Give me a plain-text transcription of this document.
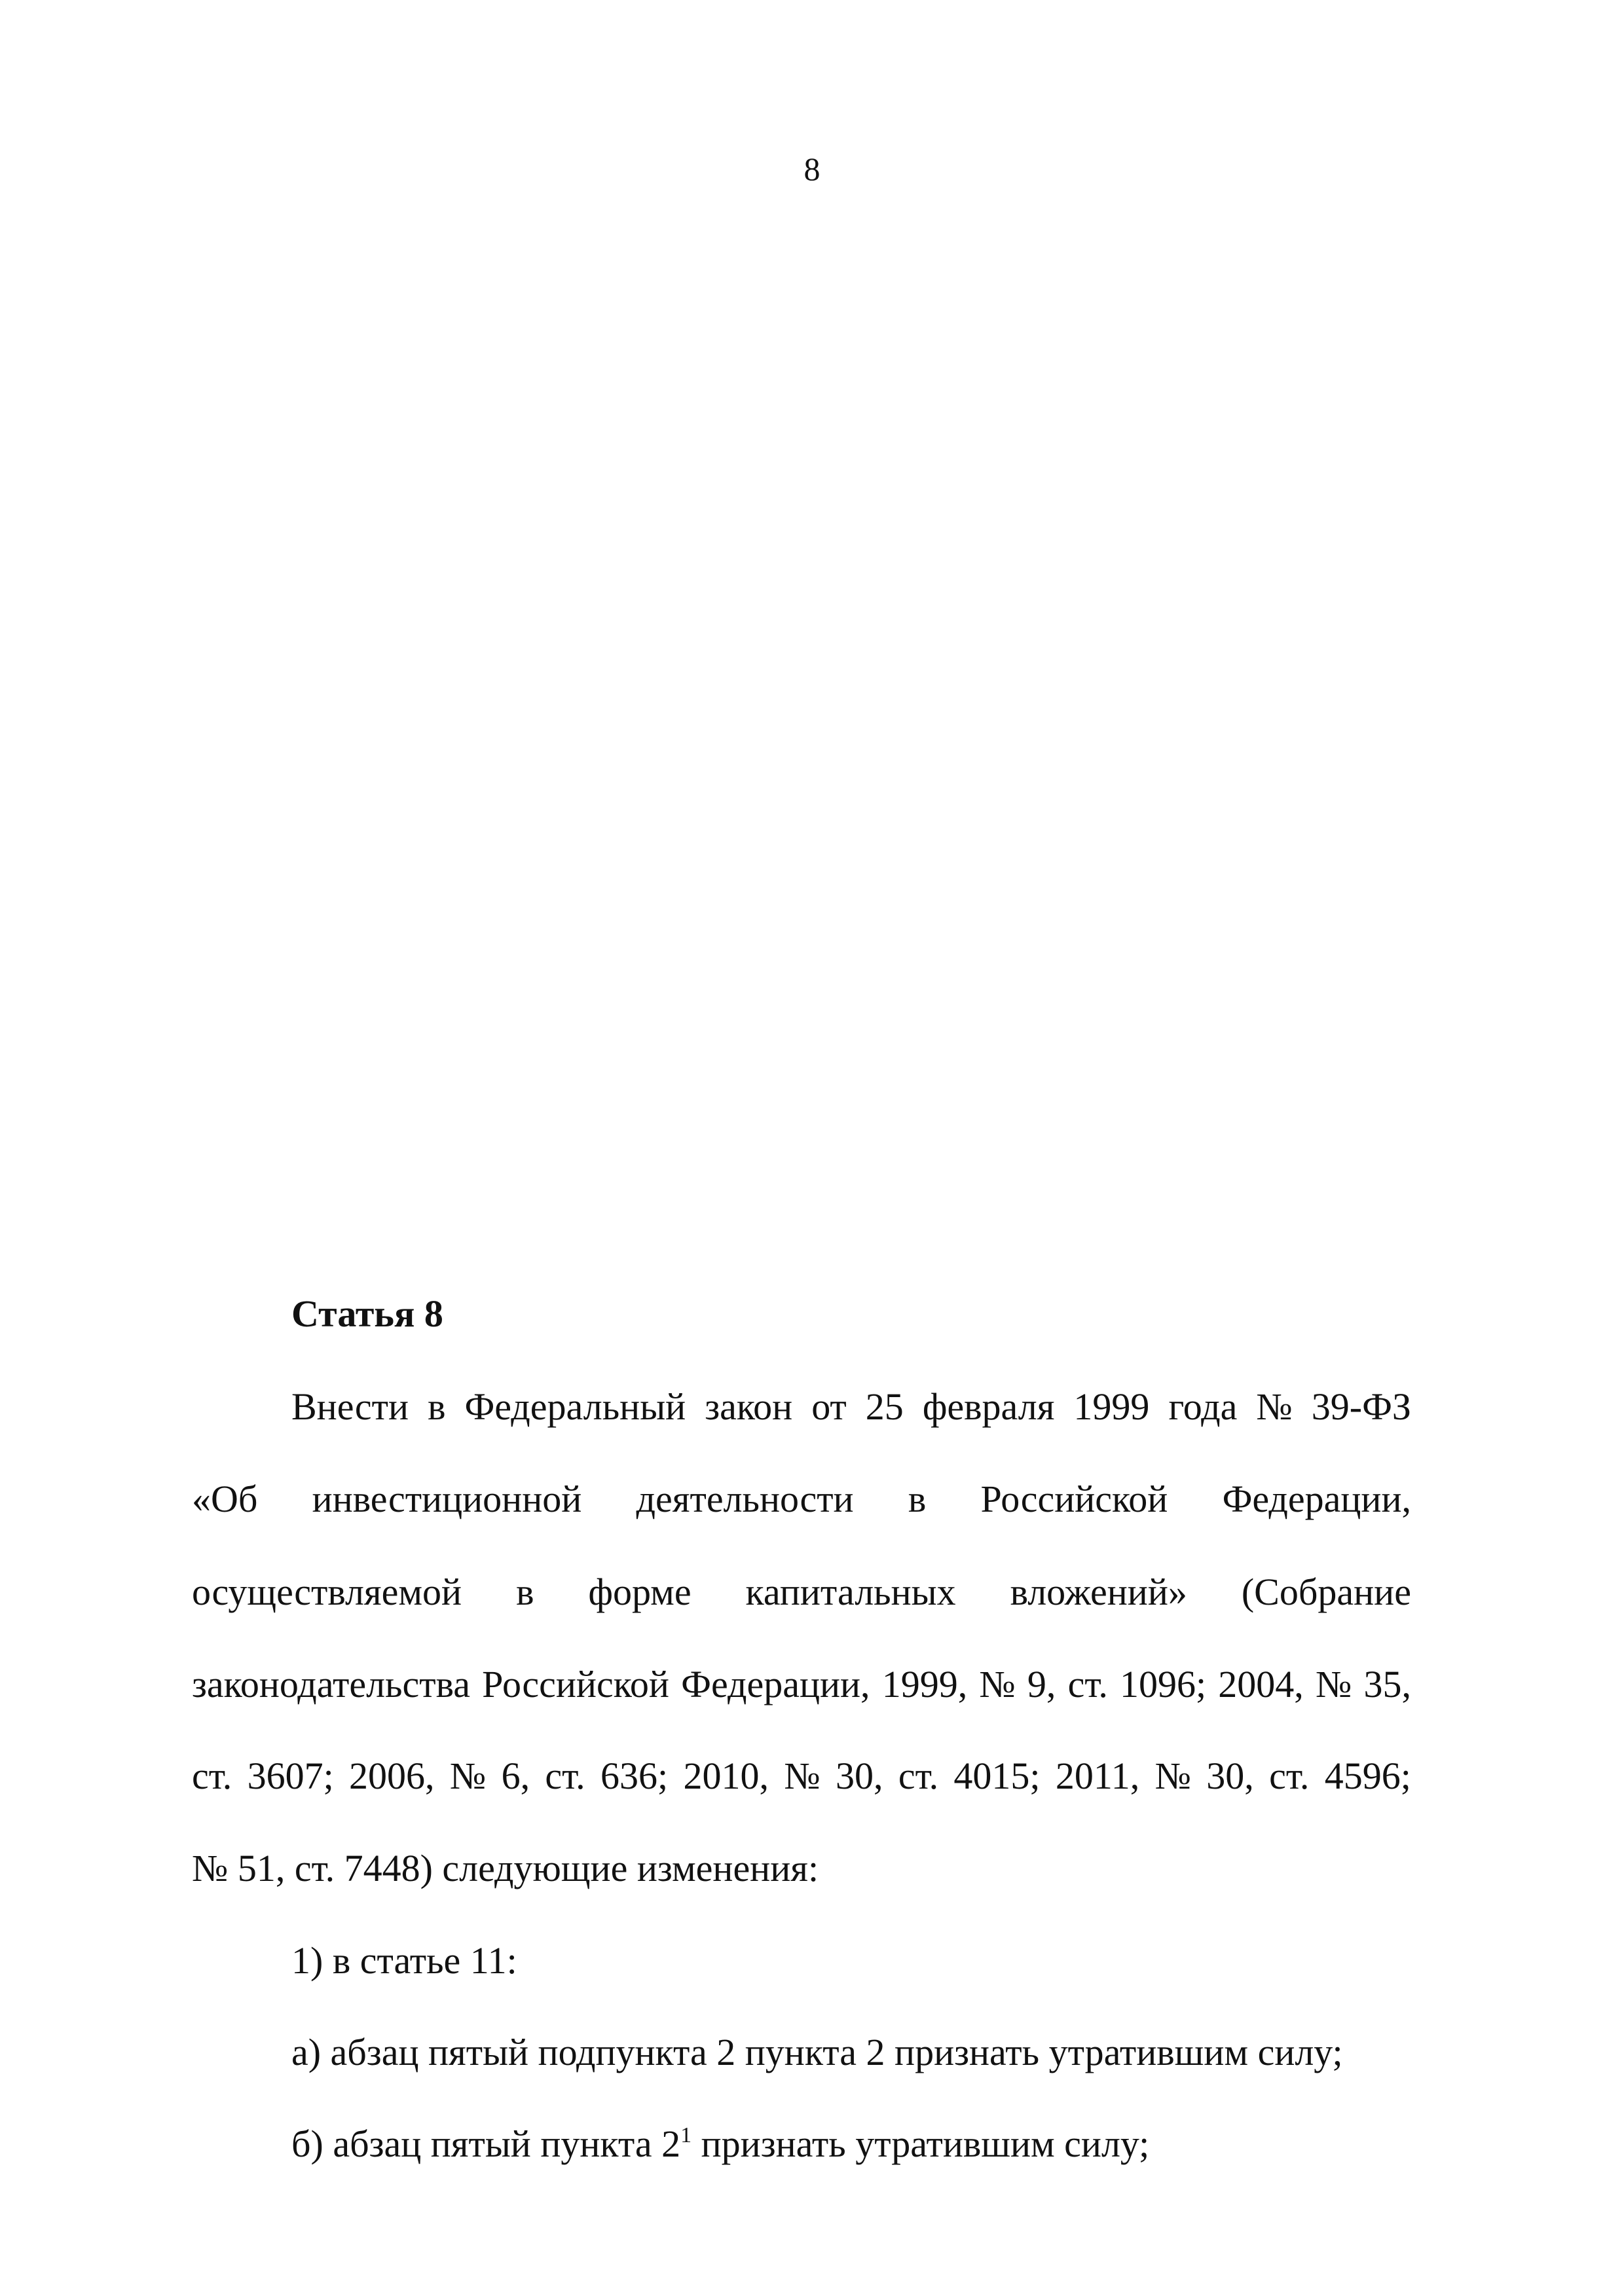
8
Статья 8
Внести в Федеральный закон от 25 февраля 1999 года № 39-ФЗ
«Об инвестиционной деятельности в Российской Федерации,
осуществляемой в форме капитальных вложений» (Собрание
законодательства Российской Федерации, 1999, № 9, ст. 1096; 2004, № 35,
ст. 3607; 2006, № 6, ст. 636; 2010, № 30, ст. 4015; 2011, № 30, ст. 4596;
№ 51, ст. 7448) следующие изменения:
1) в статье 11:
а) абзац пятый подпункта 2 пункта 2 признать утратившим силу;
б) абзац пятый пункта $2^1$ признать утратившим силу;
